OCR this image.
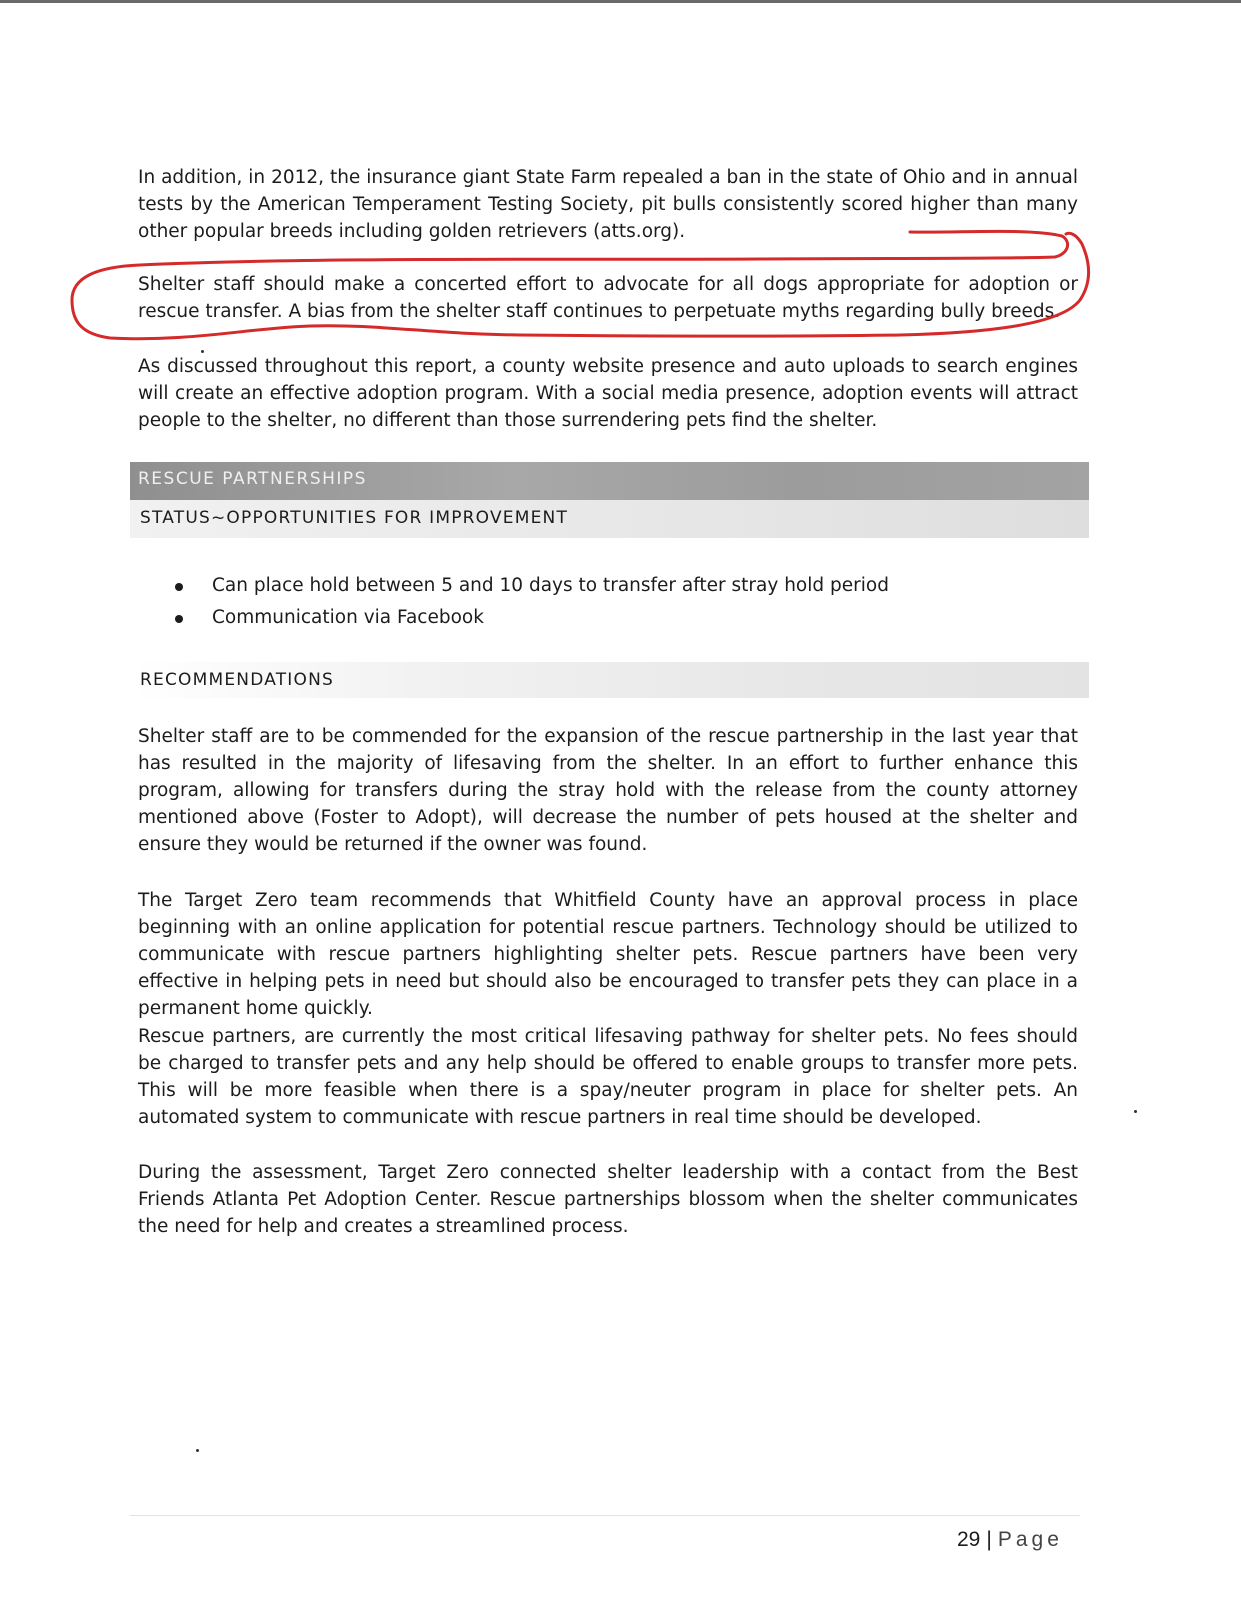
In addition, in 2012, the insurance giant State Farm repealed a ban in the state of Ohio and in annual tests by the American Temperament Testing Society, pit bulls consistently scored higher than many other popular breeds including golden retrievers (atts.org).

Shelter staff should make a concerted effort to advocate for all dogs appropriate for adoption or rescue transfer. A bias from the shelter staff continues to perpetuate myths regarding bully breeds.

As discussed throughout this report, a county website presence and auto uploads to search engines will create an effective adoption program. With a social media presence, adoption events will attract people to the shelter, no different than those surrendering pets find the shelter.

RESCUE PARTNERSHIPS
STATUS~OPPORTUNITIES FOR IMPROVEMENT
Can place hold between 5 and 10 days to transfer after stray hold period
Communication via Facebook
RECOMMENDATIONS

Shelter staff are to be commended for the expansion of the rescue partnership in the last year that has resulted in the majority of lifesaving from the shelter. In an effort to further enhance this program, allowing for transfers during the stray hold with the release from the county attorney mentioned above (Foster to Adopt), will decrease the number of pets housed at the shelter and ensure they would be returned if the owner was found.

The Target Zero team recommends that Whitfield County have an approval process in place beginning with an online application for potential rescue partners. Technology should be utilized to communicate with rescue partners highlighting shelter pets. Rescue partners have been very effective in helping pets in need but should also be encouraged to transfer pets they can place in a permanent home quickly.

Rescue partners, are currently the most critical lifesaving pathway for shelter pets. No fees should be charged to transfer pets and any help should be offered to enable groups to transfer more pets. This will be more feasible when there is a spay/neuter program in place for shelter pets. An automated system to communicate with rescue partners in real time should be developed.

During the assessment, Target Zero connected shelter leadership with a contact from the Best Friends Atlanta Pet Adoption Center. Rescue partnerships blossom when the shelter communicates the need for help and creates a streamlined process.

29 | Page
